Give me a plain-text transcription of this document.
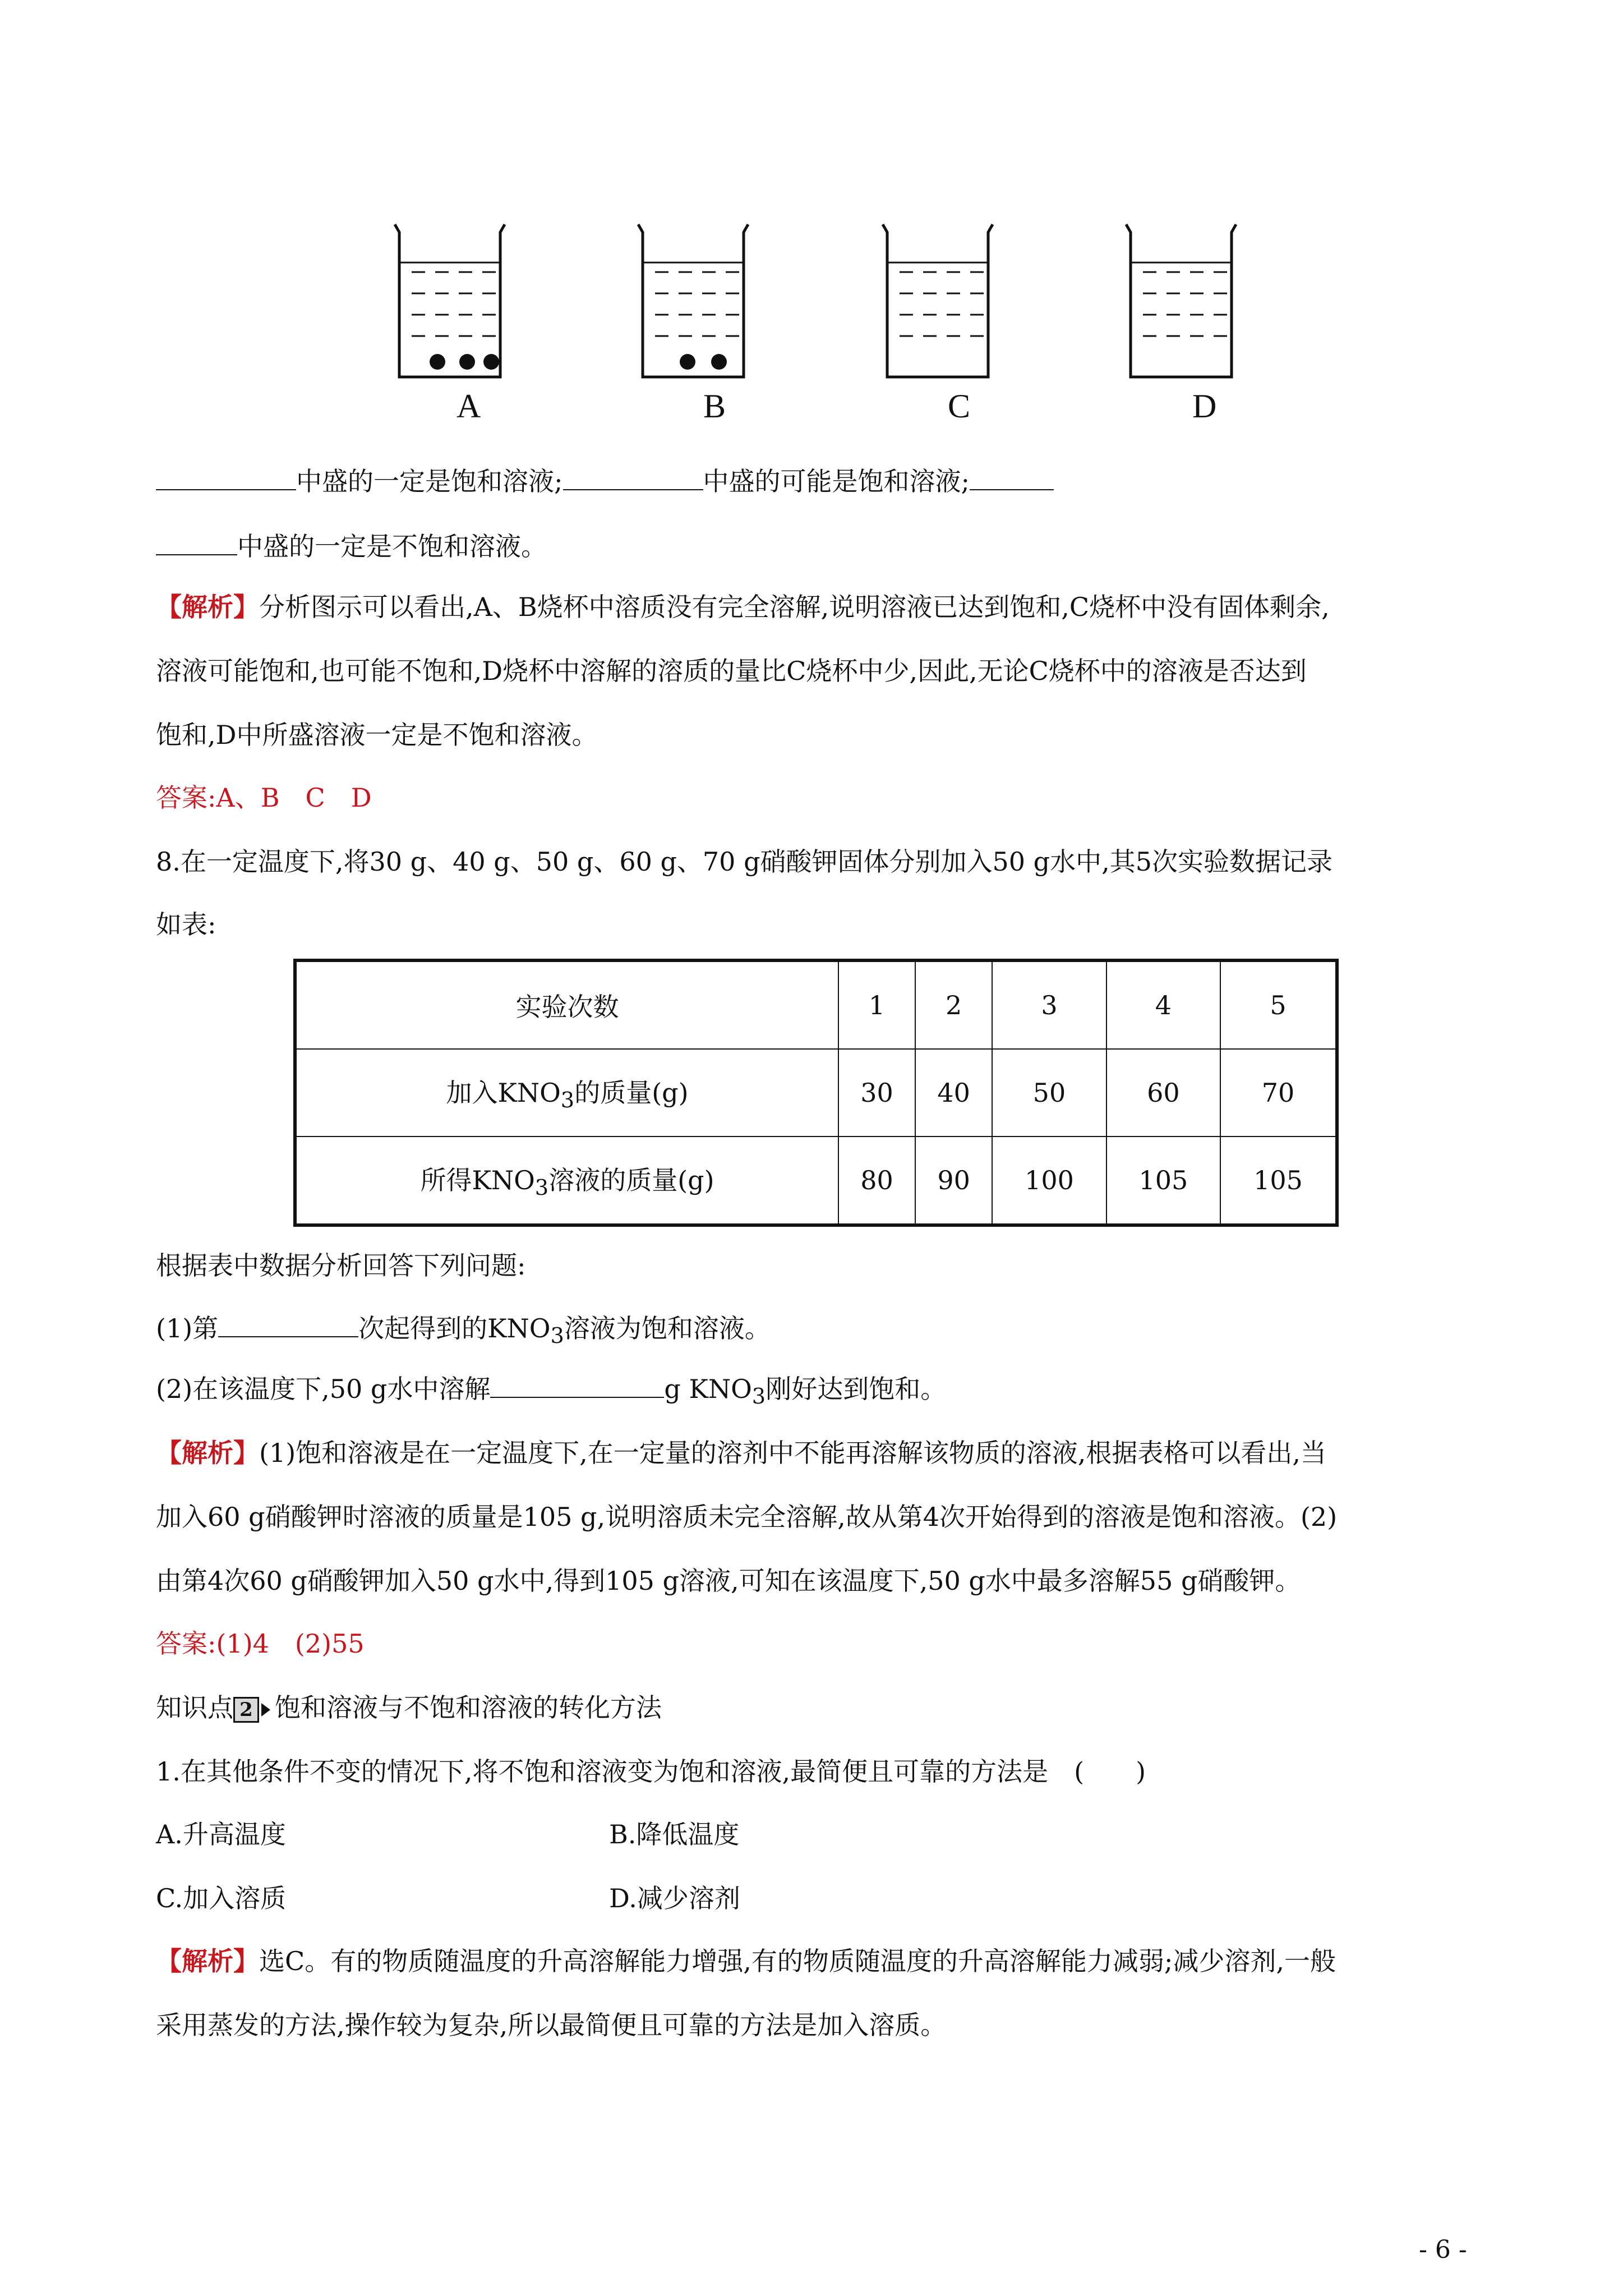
A	B	C	D
中盛的一定是饱和溶液;	中盛的可能是饱和溶液;
中盛的一定是不饱和溶液。
【解析】分析图示可以看出,A、B烧杯中溶质没有完全溶解,说明溶液已达到饱和,C烧杯中没有固体剩余,
溶液可能饱和,也可能不饱和,D烧杯中溶解的溶质的量比C烧杯中少,因此,无论C烧杯中的溶液是否达到
饱和,D中所盛溶液一定是不饱和溶液。
答案:A、B　C　D
8.在一定温度下,将30 g、40 g、50 g、60 g、70 g硝酸钾固体分别加入50 g水中,其5次实验数据记录
如表:
实验次数	1	2	3	4	5
加入$KNO_3$的质量(g)	30	40	50	60	70
所得$KNO_3$溶液的质量(g)	80	90	100	105	105
根据表中数据分析回答下列问题:
(1)第	次起得到的$KNO_3$溶液为饱和溶液。
(2)在该温度下,50 g水中溶解	g $KNO_3$刚好达到饱和。
【解析】(1)饱和溶液是在一定温度下,在一定量的溶剂中不能再溶解该物质的溶液,根据表格可以看出,当
加入60 g硝酸钾时溶液的质量是105 g,说明溶质未完全溶解,故从第4次开始得到的溶液是饱和溶液。(2)
由第4次60 g硝酸钾加入50 g水中,得到105 g溶液,可知在该温度下,50 g水中最多溶解55 g硝酸钾。
答案:(1)4　(2)55
知识点 2 饱和溶液与不饱和溶液的转化方法
1.在其他条件不变的情况下,将不饱和溶液变为饱和溶液,最简便且可靠的方法是　(　　)
A.升高温度	B.降低温度
C.加入溶质	D.减少溶剂
【解析】选C。有的物质随温度的升高溶解能力增强,有的物质随温度的升高溶解能力减弱;减少溶剂,一般
采用蒸发的方法,操作较为复杂,所以最简便且可靠的方法是加入溶质。
- 6 -
